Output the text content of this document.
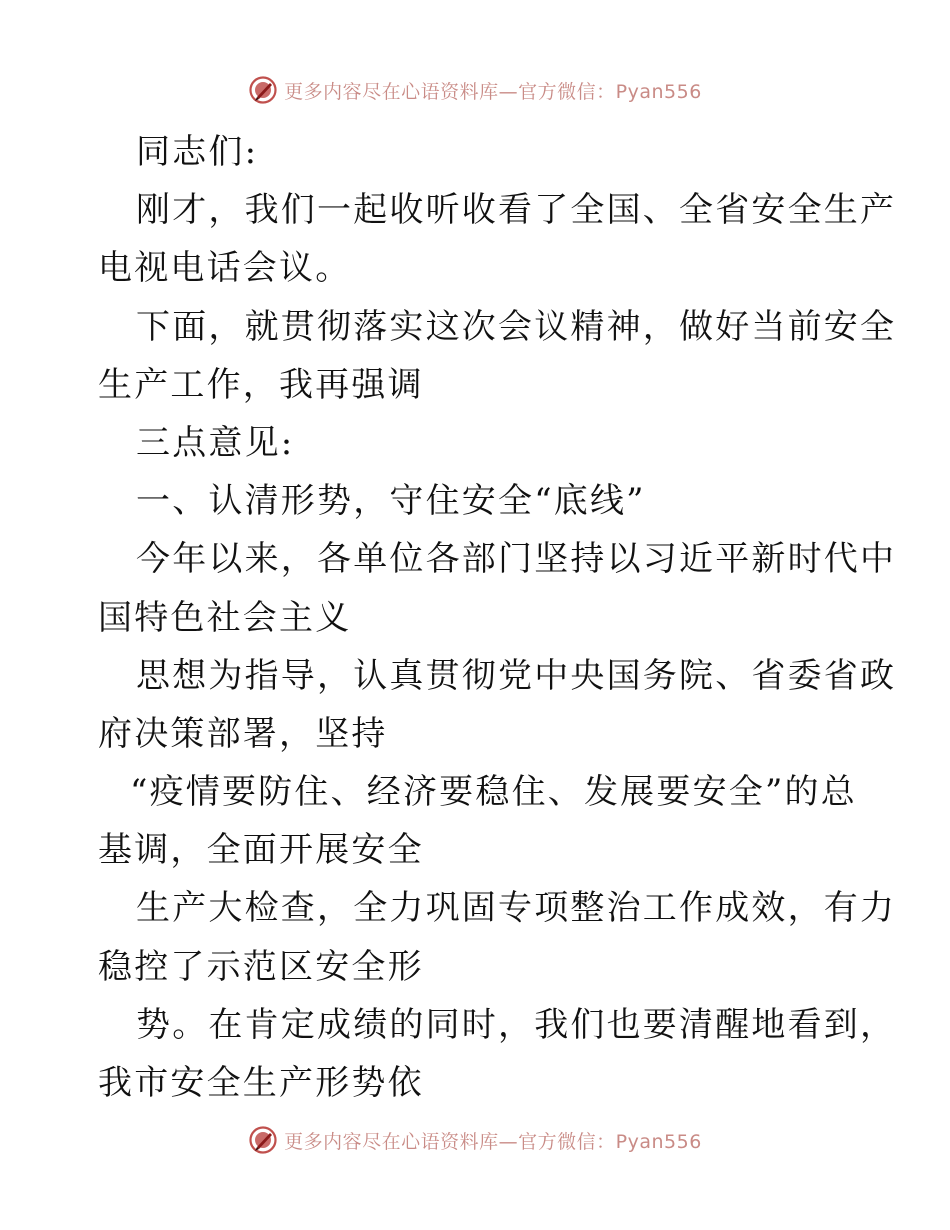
更多内容尽在心语资料库—官方微信：Pyan556
同志们:
刚才，我们一起收听收看了全国、全省安全生产
电视电话会议。
下面，就贯彻落实这次会议精神，做好当前安全
生产工作，我再强调
三点意见:
一、认清形势，守住安全“底线”
今年以来，各单位各部门坚持以习近平新时代中
国特色社会主义
思想为指导，认真贯彻党中央国务院、省委省政
府决策部署，坚持
“疫情要防住、经济要稳住、发展要安全”的总
基调，全面开展安全
生产大检查，全力巩固专项整治工作成效，有力
稳控了示范区安全形
势。在肯定成绩的同时，我们也要清醒地看到，
我市安全生产形势依
更多内容尽在心语资料库—官方微信：Pyan556
